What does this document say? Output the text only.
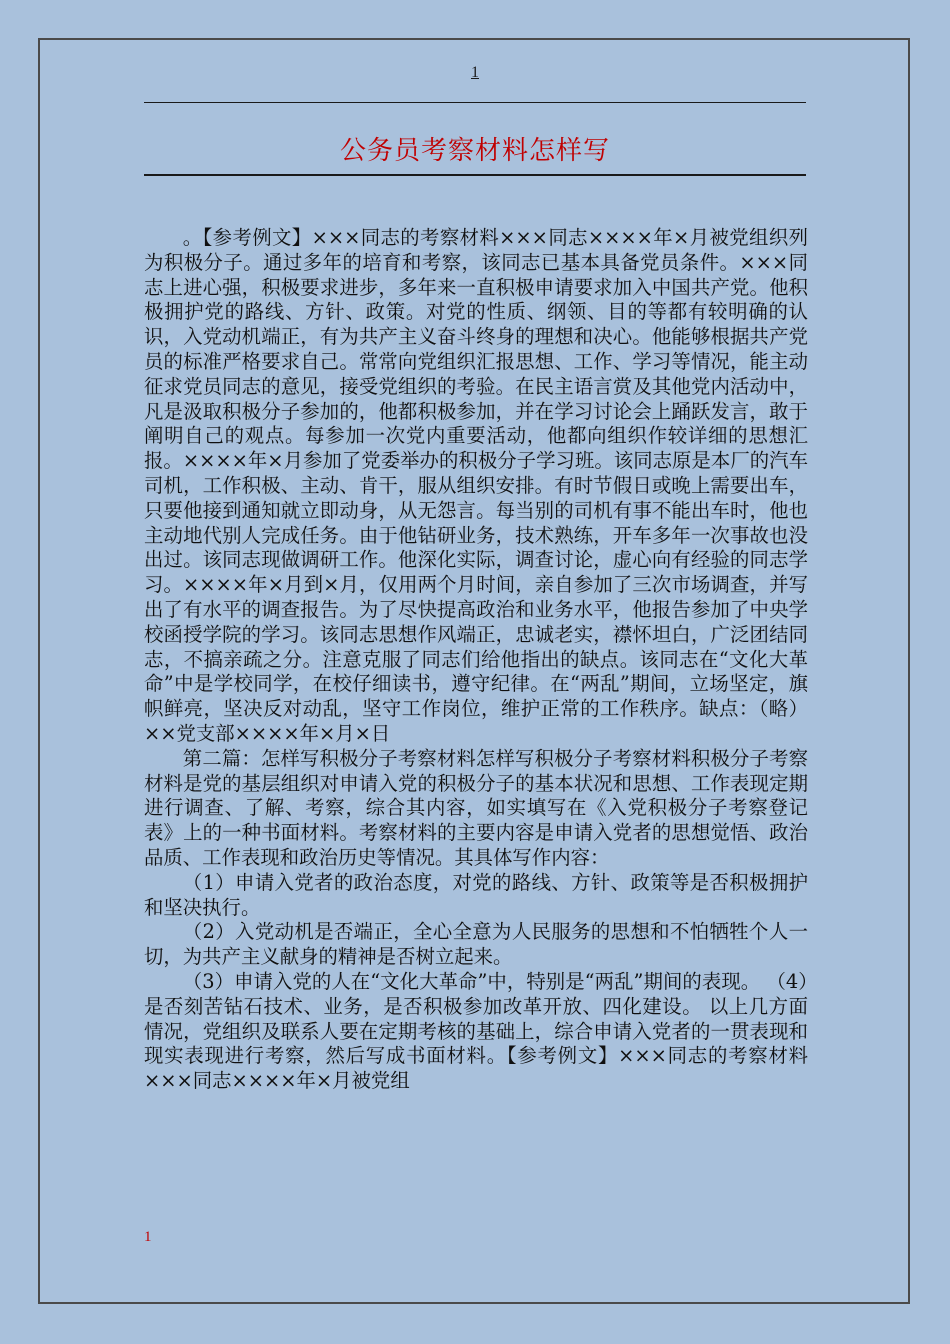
1
公务员考察材料怎样写

。【参考例文】×××同志的考察材料×××同志××××年×月被党组织列为积极分子。通过多年的培育和考察，该同志已基本具备党员条件。×××同志上进心强，积极要求进步，多年来一直积极申请要求加入中国共产党。他积极拥护党的路线、方针、政策。对党的性质、纲领、目的等都有较明确的认识，入党动机端正，有为共产主义奋斗终身的理想和决心。他能够根据共产党员的标准严格要求自己。常常向党组织汇报思想、工作、学习等情况，能主动征求党员同志的意见，接受党组织的考验。在民主语言赏及其他党内活动中，凡是汲取积极分子参加的，他都积极参加，并在学习讨论会上踊跃发言，敢于阐明自己的观点。每参加一次党内重要活动，他都向组织作较详细的思想汇报。××××年×月参加了党委举办的积极分子学习班。该同志原是本厂的汽车司机，工作积极、主动、肯干，服从组织安排。有时节假日或晚上需要出车，只要他接到通知就立即动身，从无怨言。每当别的司机有事不能出车时，他也主动地代别人完成任务。由于他钻研业务，技术熟练，开车多年一次事故也没出过。该同志现做调研工作。他深化实际，调查讨论，虚心向有经验的同志学习。××××年×月到×月，仅用两个月时间，亲自参加了三次市场调查，并写出了有水平的调查报告。为了尽快提高政治和业务水平，他报告参加了中央学校函授学院的学习。该同志思想作风端正，忠诚老实，襟怀坦白，广泛团结同志，不搞亲疏之分。注意克服了同志们给他指出的缺点。该同志在“文化大革命”中是学校同学，在校仔细读书，遵守纪律。在“两乱”期间，立场坚定，旗帜鲜亮，坚决反对动乱，坚守工作岗位，维护正常的工作秩序。缺点：（略）××党支部××××年×月×日

第二篇：怎样写积极分子考察材料怎样写积极分子考察材料积极分子考察材料是党的基层组织对申请入党的积极分子的基本状况和思想、工作表现定期进行调查、了解、考察，综合其内容，如实填写在《入党积极分子考察登记表》上的一种书面材料。考察材料的主要内容是申请入党者的思想觉悟、政治品质、工作表现和政治历史等情况。其具体写作内容：

（1）申请入党者的政治态度，对党的路线、方针、政策等是否积极拥护和坚决执行。

（2）入党动机是否端正，全心全意为人民服务的思想和不怕牺牲个人一切，为共产主义献身的精神是否树立起来。

（3）申请入党的人在“文化大革命”中，特别是“两乱”期间的表现。 （4）是否刻苦钻石技术、业务，是否积极参加改革开放、四化建设。 以上几方面情况，党组织及联系人要在定期考核的基础上，综合申请入党者的一贯表现和现实表现进行考察，然后写成书面材料。【参考例文】×××同志的考察材料×××同志××××年×月被党组

1
